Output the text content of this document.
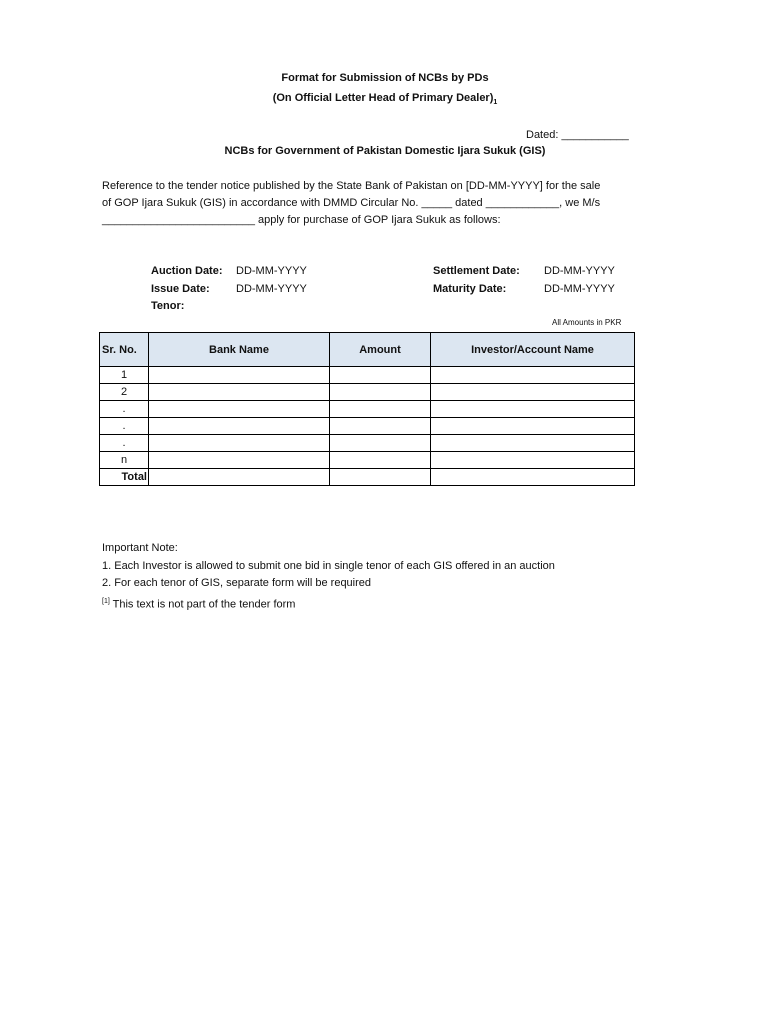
Format for Submission of NCBs by PDs
(On Official Letter Head of Primary $Dealer)_1$
Dated: ___________
NCBs for Government of Pakistan Domestic Ijara Sukuk (GIS)
Reference to the tender notice published by the State Bank of Pakistan on [DD-MM-YYYY] for the sale
of GOP Ijara Sukuk (GIS) in accordance with DMMD Circular No. _____ dated ____________, we M/s
_________________________ apply for purchase of GOP Ijara Sukuk as follows:
Auction Date: DD-MM-YYYY
Issue Date: DD-MM-YYYY
Tenor:
Settlement Date: DD-MM-YYYY
Maturity Date:	DD-MM-YYYY
All Amounts in PKR
Sr. No.	Bank Name	Amount	Investor/Account Name
1			
2			
.			
.			
.			
n			
Total			
Important Note:
1. Each Investor is allowed to submit one bid in single tenor of each GIS offered in an auction
2. For each tenor of GIS, separate form will be required
[1] This text is not part of the tender form
